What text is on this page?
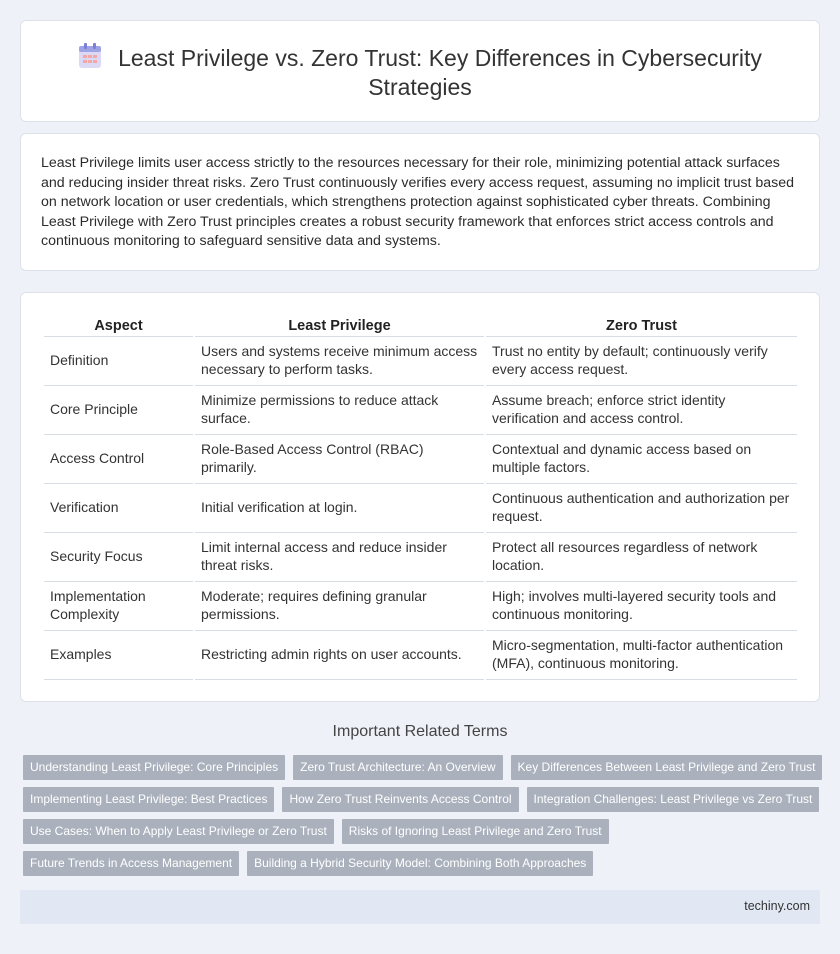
Least Privilege vs. Zero Trust: Key Differences in Cybersecurity Strategies

Least Privilege limits user access strictly to the resources necessary for their role, minimizing potential attack surfaces and reducing insider threat risks. Zero Trust continuously verifies every access request, assuming no implicit trust based on network location or user credentials, which strengthens protection against sophisticated cyber threats. Combining Least Privilege with Zero Trust principles creates a robust security framework that enforces strict access controls and continuous monitoring to safeguard sensitive data and systems.

Aspect	Least Privilege	Zero Trust
Definition	Users and systems receive minimum access necessary to perform tasks.	Trust no entity by default; continuously verify every access request.
Core Principle	Minimize permissions to reduce attack surface.	Assume breach; enforce strict identity verification and access control.
Access Control	Role-Based Access Control (RBAC) primarily.	Contextual and dynamic access based on multiple factors.
Verification	Initial verification at login.	Continuous authentication and authorization per request.
Security Focus	Limit internal access and reduce insider threat risks.	Protect all resources regardless of network location.
Implementation Complexity	Moderate; requires defining granular permissions.	High; involves multi-layered security tools and continuous monitoring.
Examples	Restricting admin rights on user accounts.	Micro-segmentation, multi-factor authentication (MFA), continuous monitoring.
Important Related Terms
Understanding Least Privilege: Core Principles	Zero Trust Architecture: An Overview	Key Differences Between Least Privilege and Zero Trust
Implementing Least Privilege: Best Practices	How Zero Trust Reinvents Access Control	Integration Challenges: Least Privilege vs Zero Trust
Use Cases: When to Apply Least Privilege or Zero Trust	Risks of Ignoring Least Privilege and Zero Trust
Future Trends in Access Management	Building a Hybrid Security Model: Combining Both Approaches
techiny.com
